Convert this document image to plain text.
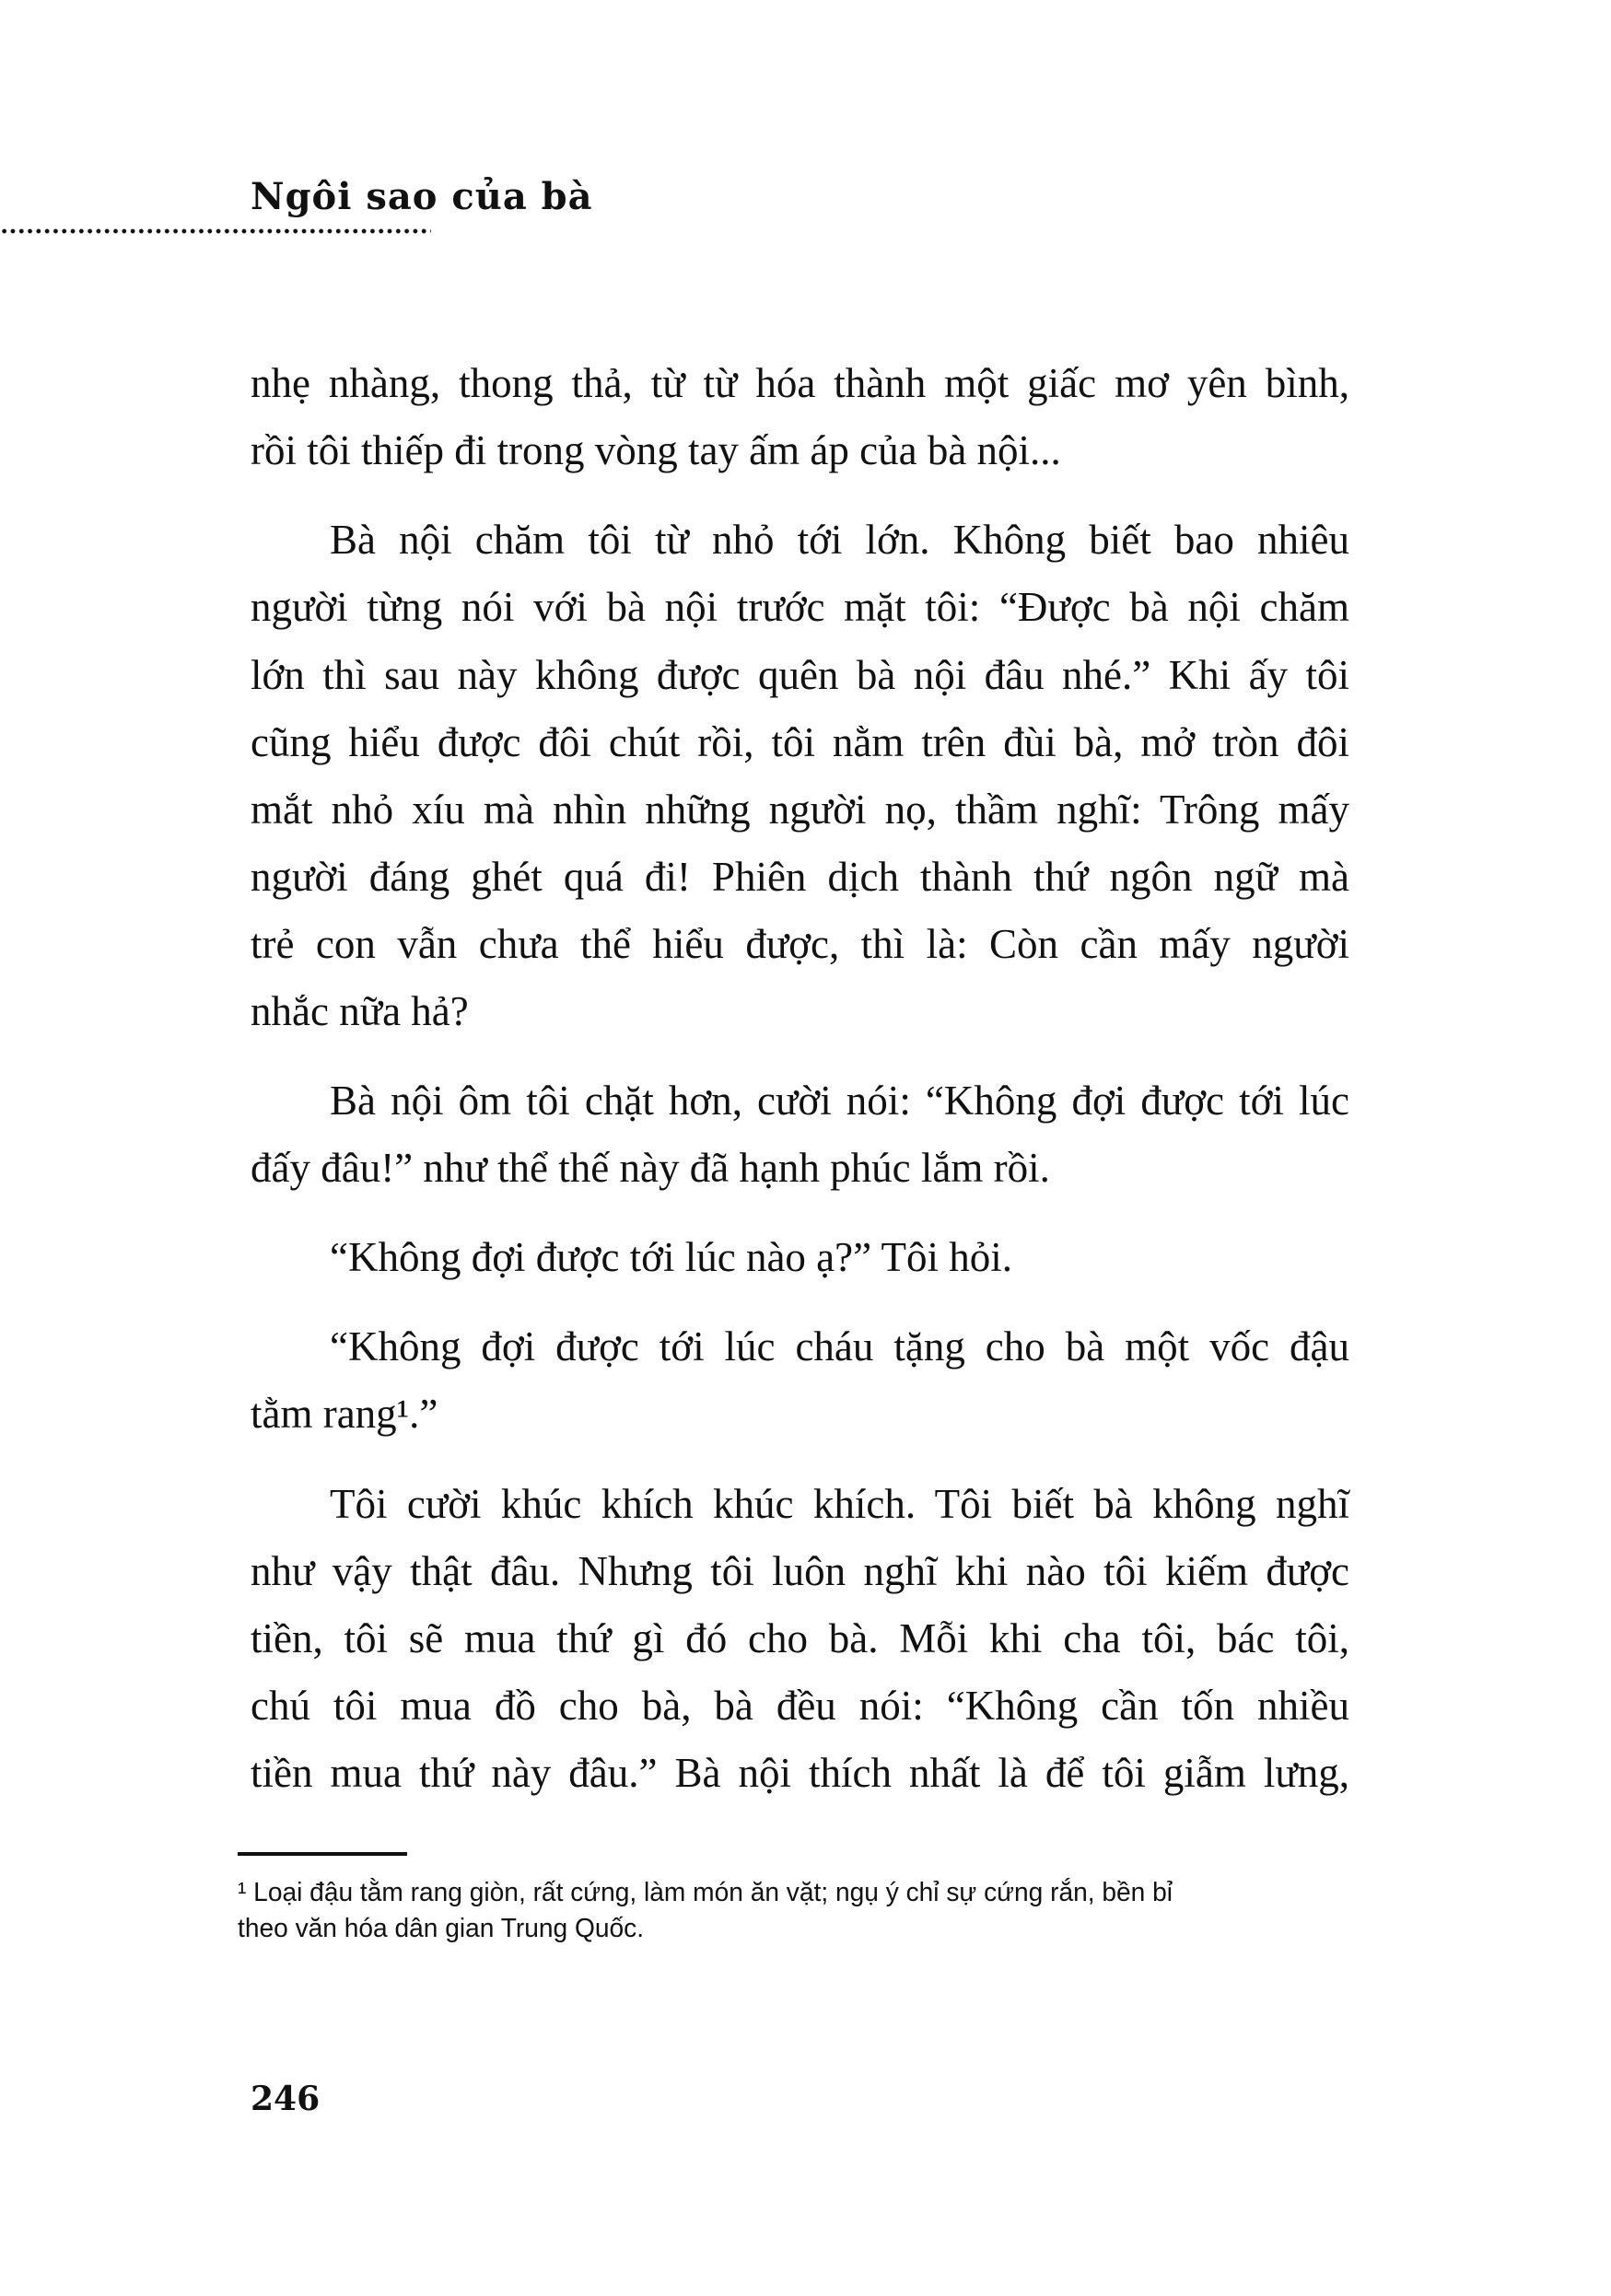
Ngôi sao của bà
nhẹ nhàng, thong thả, từ từ hóa thành một giấc mơ yên bình,
rồi tôi thiếp đi trong vòng tay ấm áp của bà nội...
Bà nội chăm tôi từ nhỏ tới lớn. Không biết bao nhiêu
người từng nói với bà nội trước mặt tôi: “Được bà nội chăm
lớn thì sau này không được quên bà nội đâu nhé.” Khi ấy tôi
cũng hiểu được đôi chút rồi, tôi nằm trên đùi bà, mở tròn đôi
mắt nhỏ xíu mà nhìn những người nọ, thầm nghĩ: Trông mấy
người đáng ghét quá đi! Phiên dịch thành thứ ngôn ngữ mà
trẻ con vẫn chưa thể hiểu được, thì là: Còn cần mấy người
nhắc nữa hả?
Bà nội ôm tôi chặt hơn, cười nói: “Không đợi được tới lúc
đấy đâu!” như thể thế này đã hạnh phúc lắm rồi.
“Không đợi được tới lúc nào ạ?” Tôi hỏi.
“Không đợi được tới lúc cháu tặng cho bà một vốc đậu
tằm rang¹.”
Tôi cười khúc khích khúc khích. Tôi biết bà không nghĩ
như vậy thật đâu. Nhưng tôi luôn nghĩ khi nào tôi kiếm được
tiền, tôi sẽ mua thứ gì đó cho bà. Mỗi khi cha tôi, bác tôi,
chú tôi mua đồ cho bà, bà đều nói: “Không cần tốn nhiều
tiền mua thứ này đâu.” Bà nội thích nhất là để tôi giẫm lưng,
¹ Loại đậu tằm rang giòn, rất cứng, làm món ăn vặt; ngụ ý chỉ sự cứng rắn, bền bỉ
theo văn hóa dân gian Trung Quốc.
246
